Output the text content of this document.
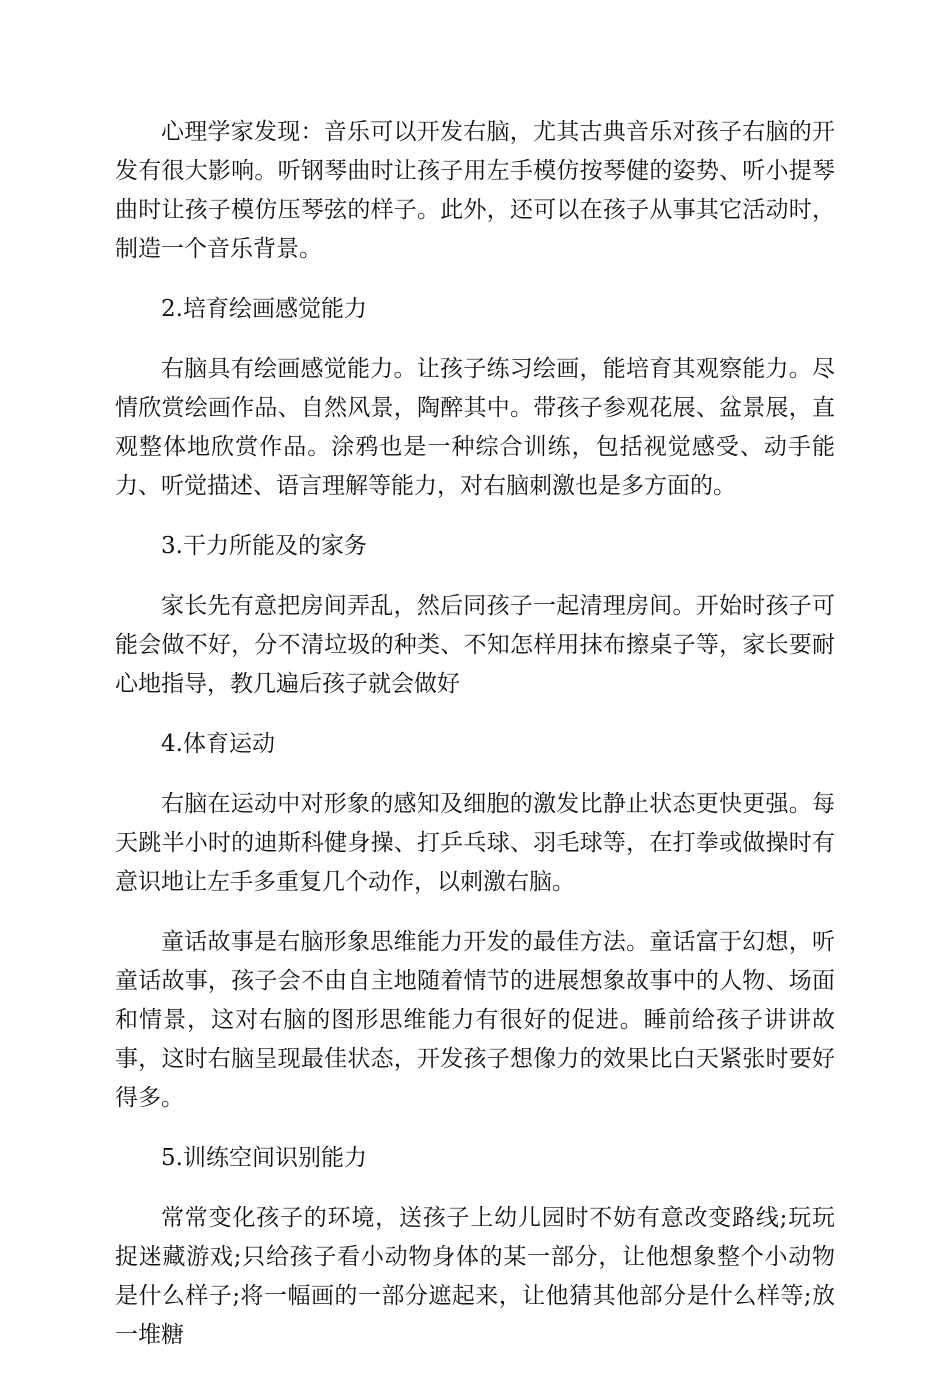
心理学家发现：音乐可以开发右脑，尤其古典音乐对孩子右脑的开发有很大影响。听钢琴曲时让孩子用左手模仿按琴健的姿势、听小提琴曲时让孩子模仿压琴弦的样子。此外，还可以在孩子从事其它活动时，制造一个音乐背景。

2.培育绘画感觉能力

右脑具有绘画感觉能力。让孩子练习绘画，能培育其观察能力。尽情欣赏绘画作品、自然风景，陶醉其中。带孩子参观花展、盆景展，直观整体地欣赏作品。涂鸦也是一种综合训练，包括视觉感受、动手能力、听觉描述、语言理解等能力，对右脑刺激也是多方面的。

3.干力所能及的家务

家长先有意把房间弄乱，然后同孩子一起清理房间。开始时孩子可能会做不好，分不清垃圾的种类、不知怎样用抹布擦桌子等，家长要耐心地指导，教几遍后孩子就会做好

4.体育运动

右脑在运动中对形象的感知及细胞的激发比静止状态更快更强。每天跳半小时的迪斯科健身操、打乒乓球、羽毛球等，在打拳或做操时有意识地让左手多重复几个动作，以刺激右脑。

童话故事是右脑形象思维能力开发的最佳方法。童话富于幻想，听童话故事，孩子会不由自主地随着情节的进展想象故事中的人物、场面和情景，这对右脑的图形思维能力有很好的促进。睡前给孩子讲讲故事，这时右脑呈现最佳状态，开发孩子想像力的效果比白天紧张时要好得多。

5.训练空间识别能力

常常变化孩子的环境，送孩子上幼儿园时不妨有意改变路线;玩玩捉迷藏游戏;只给孩子看小动物身体的某一部分，让他想象整个小动物是什么样子;将一幅画的一部分遮起来，让他猜其他部分是什么样等;放一堆糖
